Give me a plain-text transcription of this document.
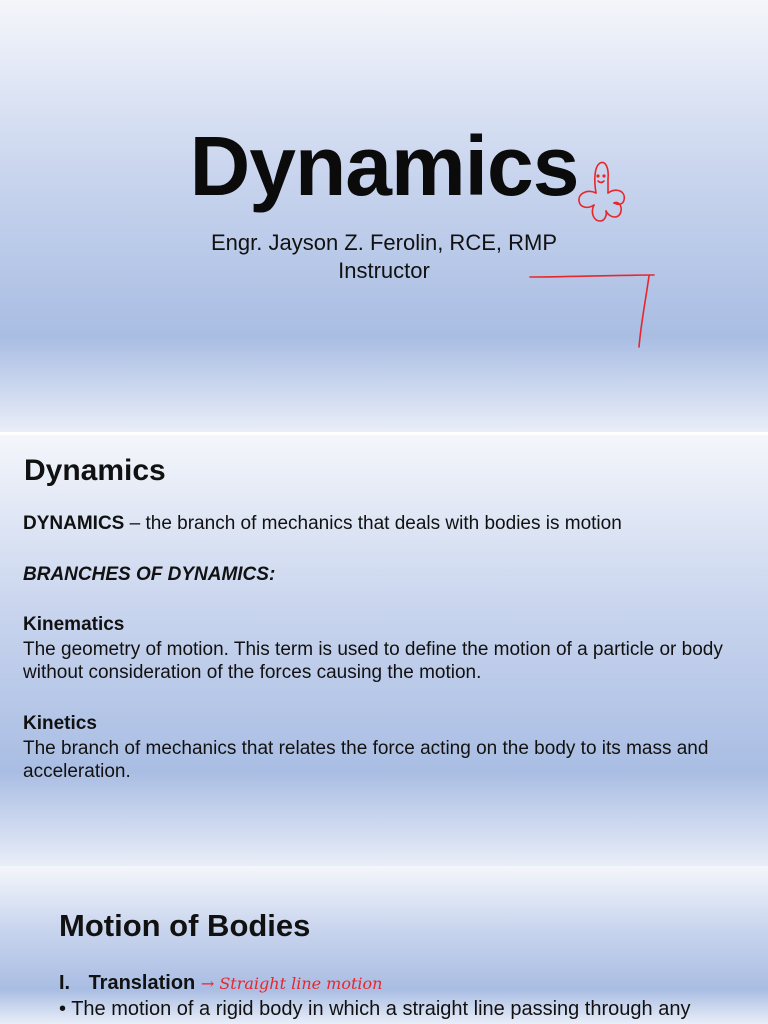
Dynamics
Engr. Jayson Z. Ferolin, RCE, RMP
Instructor
Dynamics
DYNAMICS – the branch of mechanics that deals with bodies is motion
BRANCHES OF DYNAMICS:
Kinematics
The geometry of motion. This term is used to define the motion of a particle or body without consideration of the forces causing the motion.
Kinetics
The branch of mechanics that relates the force acting on the body to its mass and acceleration.
Motion of Bodies
I. Translation → Straight line motion
• The motion of a rigid body in which a straight line passing through any
